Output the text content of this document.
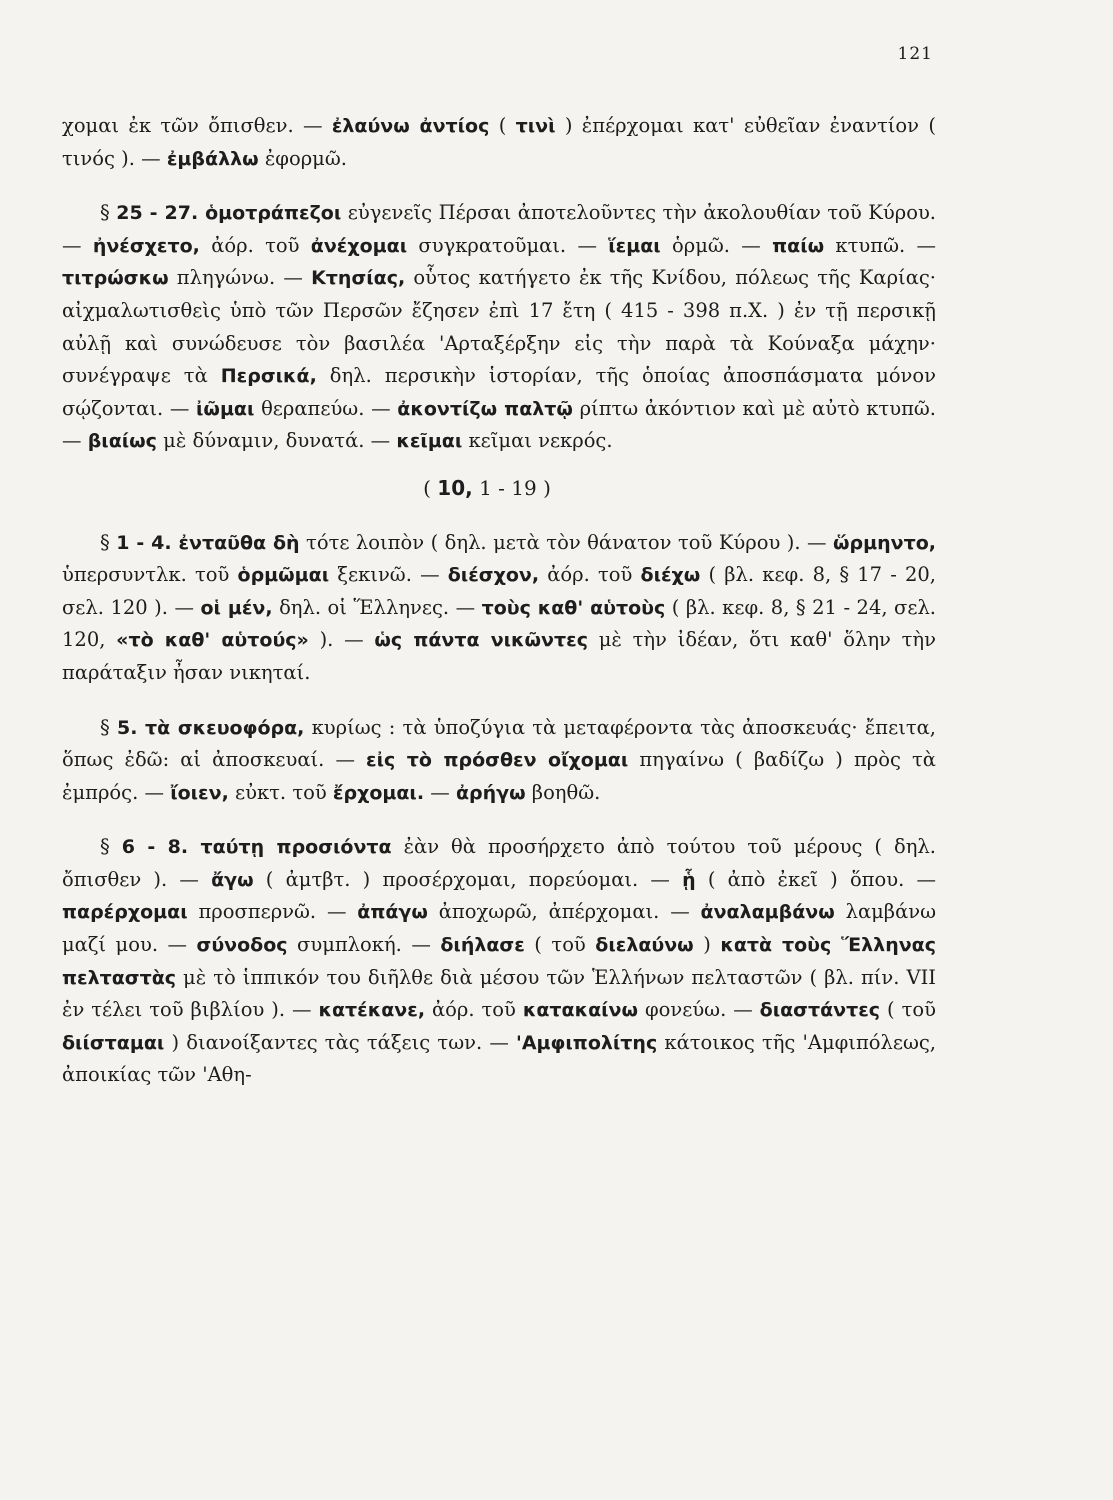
121

χομαι ἐκ τῶν ὄπισθεν. — ἐλαύνω ἀντίος ( τινὶ ) ἐπέρχομαι κατ' εὐθεῖαν ἐναντίον ( τινός ). — ἐμβάλλω ἐφορμῶ.

§ 25 - 27. ὁμοτράπεζοι εὐγενεῖς Πέρσαι ἀποτελοῦντες τὴν ἀκολουθίαν τοῦ Κύρου. — ἠνέσχετο, ἀόρ. τοῦ ἀνέχομαι συγκρατοῦμαι. — ἵεμαι ὁρμῶ. — παίω κτυπῶ. — τιτρώσκω πληγώνω. — Κτησίας, οὗτος κατήγετο ἐκ τῆς Κνίδου, πόλεως τῆς Καρίας· αἰχμαλωτισθεὶς ὑπὸ τῶν Περσῶν ἔζησεν ἐπὶ 17 ἔτη ( 415 - 398 π.Χ. ) ἐν τῇ περσικῇ αὐλῇ καὶ συνώδευσε τὸν βασιλέα 'Αρταξέρξην εἰς τὴν παρὰ τὰ Κούναξα μάχην· συνέγραψε τὰ Περσικά, δηλ. περσικὴν ἱστορίαν, τῆς ὁποίας ἀποσπάσματα μόνον σῴζονται. — ἰῶμαι θεραπεύω. — ἀκοντίζω παλτῷ ρίπτω ἀκόντιον καὶ μὲ αὐτὸ κτυπῶ. — βιαίως μὲ δύναμιν, δυνατά. — κεῖμαι κεῖμαι νεκρός.

( 10, 1 - 19 )

§ 1 - 4. ἐνταῦθα δὴ τότε λοιπὸν ( δηλ. μετὰ τὸν θάνατον τοῦ Κύρου ). — ὥρμηντο, ὑπερσυντλκ. τοῦ ὁρμῶμαι ξεκινῶ. — διέσχον, ἀόρ. τοῦ διέχω ( βλ. κεφ. 8, § 17 - 20, σελ. 120 ). — οἱ μέν, δηλ. οἱ Ἕλληνες. — τοὺς καθ' αὑτοὺς ( βλ. κεφ. 8, § 21 - 24, σελ. 120, «τὸ καθ' αὑτούς» ). — ὡς πάντα νικῶντες μὲ τὴν ἰδέαν, ὅτι καθ' ὅλην τὴν παράταξιν ἦσαν νικηταί.

§ 5. τὰ σκευοφόρα, κυρίως : τὰ ὑποζύγια τὰ μεταφέροντα τὰς ἀποσκευάς· ἔπειτα, ὅπως ἐδῶ: αἱ ἀποσκευαί. — εἰς τὸ πρόσθεν οἴχομαι πηγαίνω ( βαδίζω ) πρὸς τὰ ἐμπρός. — ἴοιεν, εὐκτ. τοῦ ἔρχομαι. — ἀρήγω βοηθῶ.

§ 6 - 8. ταύτῃ προσιόντα ἐὰν θὰ προσήρχετο ἀπὸ τούτου τοῦ μέρους ( δηλ. ὄπισθεν ). — ἄγω ( ἀμτβτ. ) προσέρχομαι, πορεύομαι. — ᾗ ( ἀπὸ ἐκεῖ ) ὅπου. — παρέρχομαι προσπερνῶ. — ἀπάγω ἀποχωρῶ, ἀπέρχομαι. — ἀναλαμβάνω λαμβάνω μαζί μου. — σύνοδος συμπλοκή. — διήλασε ( τοῦ διελαύνω ) κατὰ τοὺς Ἕλληνας πελταστὰς μὲ τὸ ἱππικόν του διῆλθε διὰ μέσου τῶν Ἑλλήνων πελταστῶν ( βλ. πίν. VII ἐν τέλει τοῦ βιβλίου ). — κατέκανε, ἀόρ. τοῦ κατακαίνω φονεύω. — διαστάντες ( τοῦ διίσταμαι ) διανοίξαντες τὰς τάξεις των. — 'Αμφιπολίτης κάτοικος τῆς 'Αμφιπόλεως, ἀποικίας τῶν 'Αθη-
